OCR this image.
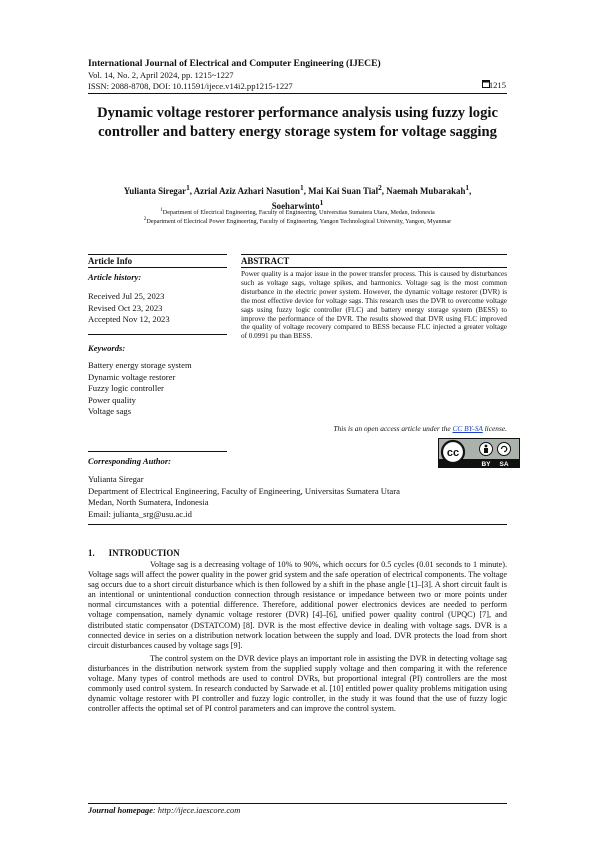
International Journal of Electrical and Computer Engineering (IJECE)
Vol. 14, No. 2, April 2024, pp. 1215~1227
ISSN: 2088-8708, DOI: 10.11591/ijece.v14i2.pp1215-1227	1215
Dynamic voltage restorer performance analysis using fuzzy logic controller and battery energy storage system for voltage sagging
Yulianta Siregar$^1$, Azrial Aziz Azhari Nasution$^1$, Mai Kai Suan Tial$^2$, Naemah Mubarakah$^1$,
Soeharwinto$^1$
$^1$Department of Electrical Engineering, Faculty of Engineering, Universitas Sumatera Utara, Medan, Indonesia
$^2$Department of Electrical Power Engineering, Faculty of Engineering, Yangon Technological University, Yangon, Myanmar
Article Info
Article history:
Received Jul 25, 2023
Revised Oct 23, 2023
Accepted Nov 12, 2023
Keywords:
Battery energy storage system
Dynamic voltage restorer
Fuzzy logic controller
Power quality
Voltage sags
ABSTRACT
Power quality is a major issue in the power transfer process. This is caused by disturbances such as voltage sags, voltage spikes, and harmonics. Voltage sag is the most common disturbance in the electric power system. However, the dynamic voltage restorer (DVR) is the most effective device for voltage sags. This research uses the DVR to overcome voltage sags using fuzzy logic controller (FLC) and battery energy storage system (BESS) to improve the performance of the DVR. The results showed that DVR using FLC improved the quality of voltage recovery compared to BESS because FLC injected a greater voltage of 0.0991 pu than BESS.
This is an open access article under the CC BY-SA license.
cc
BY SA
Corresponding Author:
Yulianta Siregar
Department of Electrical Engineering, Faculty of Engineering, Universitas Sumatera Utara
Medan, North Sumatera, Indonesia
Email: julianta_srg@usu.ac.id
1. INTRODUCTION

Voltage sag is a decreasing voltage of 10% to 90%, which occurs for 0.5 cycles (0.01 seconds to 1 minute). Voltage sags will affect the power quality in the power grid system and the safe operation of electrical components. The voltage sag occurs due to a short circuit disturbance which is then followed by a shift in the phase angle [1]–[3]. A short circuit fault is an intentional or unintentional conduction connection through resistance or impedance between two or more points under normal circumstances with a potential difference. Therefore, additional power electronics devices are needed to perform voltage compensation, namely dynamic voltage restorer (DVR) [4]–[6], unified power quality control (UPQC) [7], and distributed static compensator (DSTATCOM) [8]. DVR is the most effective device in dealing with voltage sags. DVR is a connected device in series on a distribution network location between the supply and load. DVR protects the load from short circuit disturbances caused by voltage sags [9].

The control system on the DVR device plays an important role in assisting the DVR in detecting voltage sag disturbances in the distribution network system from the supplied supply voltage and then comparing it with the reference voltage. Many types of control methods are used to control DVRs, but proportional integral (PI) controllers are the most commonly used control system. In research conducted by Sarwade et al. [10] entitled power quality problems mitigation using dynamic voltage restorer with PI controller and fuzzy logic controller, in the study it was found that the use of fuzzy logic controller affects the optimal set of PI control parameters and can improve the control system.

Journal homepage: http://ijece.iaescore.com
